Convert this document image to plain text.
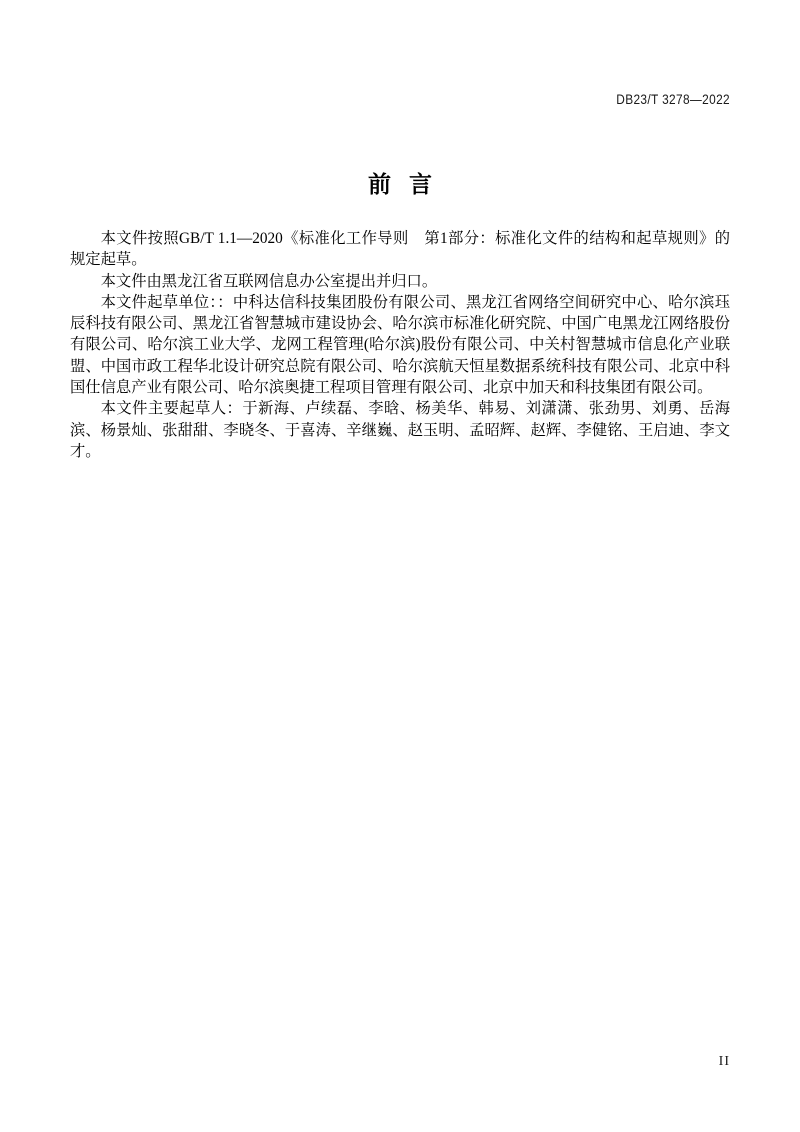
DB23/T 3278—2022
前言

本文件按照GB/T 1.1—2020《标准化工作导则　第1部分：标准化文件的结构和起草规则》的规定起草。

本文件由黑龙江省互联网信息办公室提出并归口。

本文件起草单位：：中科达信科技集团股份有限公司、黑龙江省网络空间研究中心、哈尔滨珏辰科技有限公司、黑龙江省智慧城市建设协会、哈尔滨市标准化研究院、中国广电黑龙江网络股份有限公司、哈尔滨工业大学、龙网工程管理(哈尔滨)股份有限公司、中关村智慧城市信息化产业联盟、中国市政工程华北设计研究总院有限公司、哈尔滨航天恒星数据系统科技有限公司、北京中科国仕信息产业有限公司、哈尔滨奥捷工程项目管理有限公司、北京中加天和科技集团有限公司。

本文件主要起草人：于新海、卢续磊、李晗、杨美华、韩易、刘潇潇、张劲男、刘勇、岳海滨、杨景灿、张甜甜、李晓冬、于喜涛、辛继巍、赵玉明、孟昭辉、赵辉、李健铭、王启迪、李文才。

II
